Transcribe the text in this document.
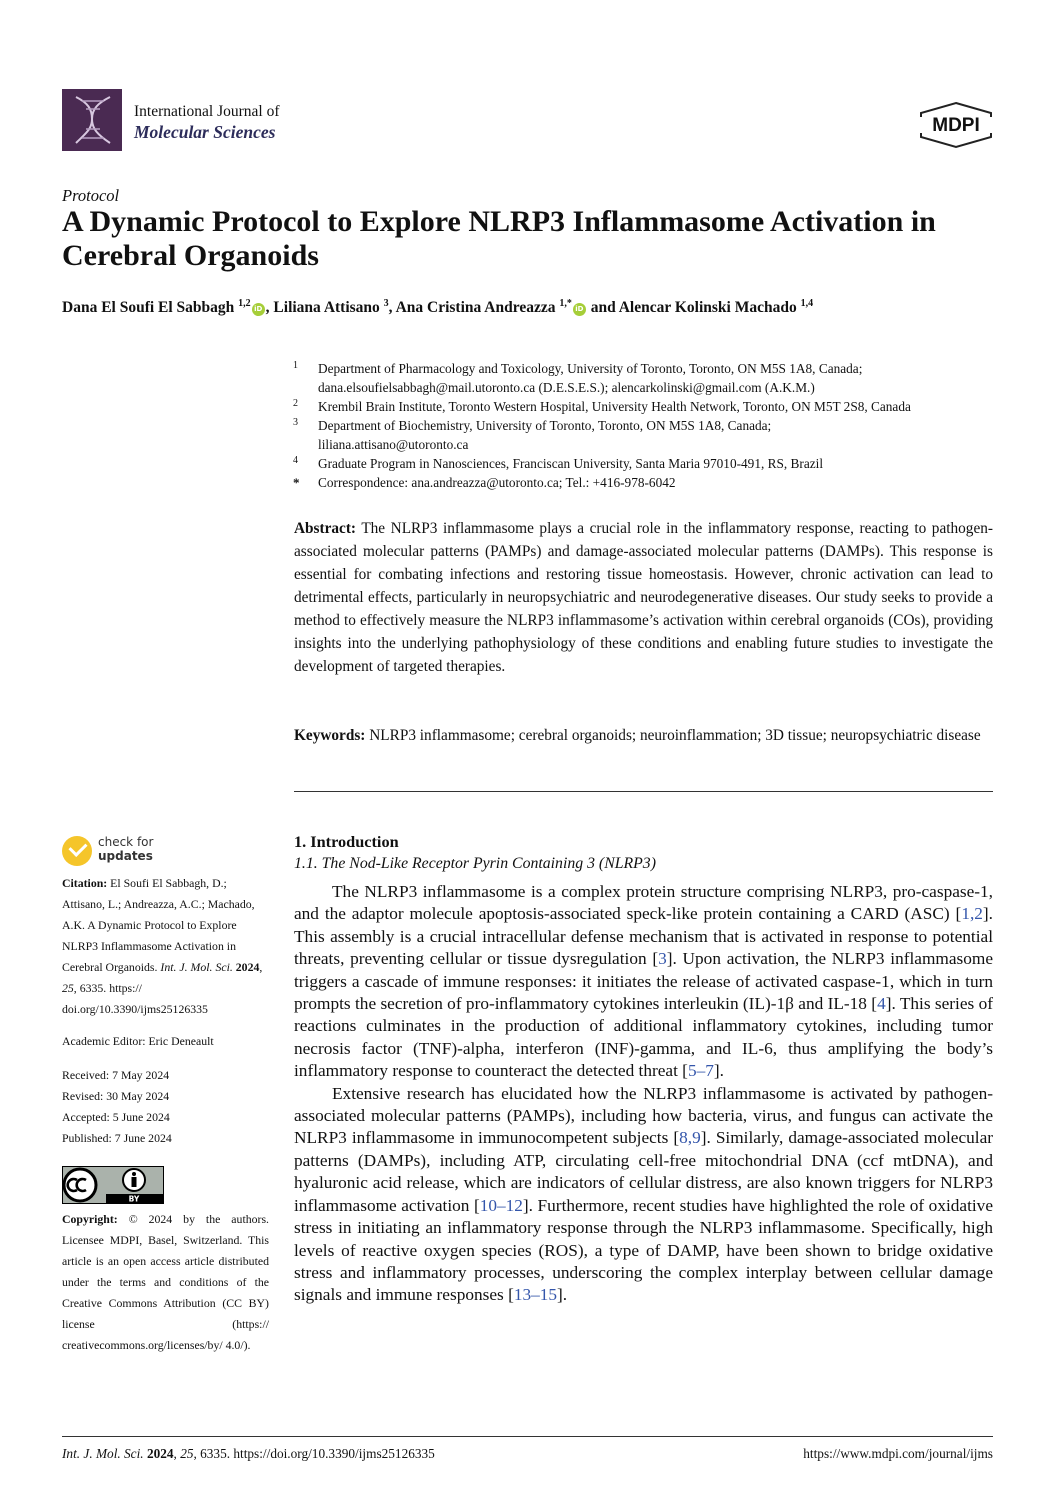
International Journal of
Molecular Sciences	MDPI
Protocol
A Dynamic Protocol to Explore NLRP3 Inflammasome Activation in Cerebral Organoids
Dana El Soufi El Sabbagh $^{1,2}$iD , Liliana Attisano $^3$, Ana Cristina Andreazza $^{1,*}$iD and Alencar Kolinski Machado $^{1,4}$
1 Department of Pharmacology and Toxicology, University of Toronto, Toronto, ON M5S 1A8, Canada;
dana.elsoufielsabbagh@mail.utoronto.ca (D.E.S.E.S.); alencarkolinski@gmail.com (A.K.M.)
2 Krembil Brain Institute, Toronto Western Hospital, University Health Network, Toronto, ON M5T 2S8, Canada
3 Department of Biochemistry, University of Toronto, Toronto, ON M5S 1A8, Canada;
liliana.attisano@utoronto.ca
4 Graduate Program in Nanosciences, Franciscan University, Santa Maria 97010-491, RS, Brazil
* Correspondence: ana.andreazza@utoronto.ca; Tel.: +416-978-6042
Abstract: The NLRP3 inflammasome plays a crucial role in the inflammatory response, reacting to pathogen-associated molecular patterns (PAMPs) and damage-associated molecular patterns (DAMPs). This response is essential for combating infections and restoring tissue homeostasis. However, chronic activation can lead to detrimental effects, particularly in neuropsychiatric and neurodegenerative diseases. Our study seeks to provide a method to effectively measure the NLRP3 inflammasome’s activation within cerebral organoids (COs), providing insights into the underlying pathophysiology of these conditions and enabling future studies to investigate the development of targeted therapies.
Keywords: NLRP3 inflammasome; cerebral organoids; neuroinflammation; 3D tissue; neuropsychiatric disease
check for
updates
Citation: El Soufi El Sabbagh, D.; Attisano, L.; Andreazza, A.C.; Machado, A.K. A Dynamic Protocol to Explore NLRP3 Inflammasome Activation in Cerebral Organoids. Int. J. Mol. Sci. 2024, 25, 6335. https:// doi.org/10.3390/ijms25126335
Academic Editor: Eric Deneault
Received: 7 May 2024
Revised: 30 May 2024
Accepted: 5 June 2024
Published: 7 June 2024
BY
Copyright: © 2024 by the authors. Licensee MDPI, Basel, Switzerland. This article is an open access article distributed under the terms and conditions of the Creative Commons Attribution (CC BY) license (https:// creativecommons.org/licenses/by/ 4.0/).
1. Introduction
1.1. The Nod-Like Receptor Pyrin Containing 3 (NLRP3)

The NLRP3 inflammasome is a complex protein structure comprising NLRP3, pro-caspase-1, and the adaptor molecule apoptosis-associated speck-like protein containing a CARD (ASC) [1,2]. This assembly is a crucial intracellular defense mechanism that is activated in response to potential threats, preventing cellular or tissue dysregulation [3]. Upon activation, the NLRP3 inflammasome triggers a cascade of immune responses: it initiates the release of activated caspase-1, which in turn prompts the secretion of pro-inflammatory cytokines interleukin (IL)-1β and IL-18 [4]. This series of reactions culminates in the production of additional inflammatory cytokines, including tumor necrosis factor (TNF)-alpha, interferon (INF)-gamma, and IL-6, thus amplifying the body’s inflammatory response to counteract the detected threat [5–7].

Extensive research has elucidated how the NLRP3 inflammasome is activated by pathogen-associated molecular patterns (PAMPs), including how bacteria, virus, and fungus can activate the NLRP3 inflammasome in immunocompetent subjects [8,9]. Similarly, damage-associated molecular patterns (DAMPs), including ATP, circulating cell-free mitochondrial DNA (ccf mtDNA), and hyaluronic acid release, which are indicators of cellular distress, are also known triggers for NLRP3 inflammasome activation [10–12]. Furthermore, recent studies have highlighted the role of oxidative stress in initiating an inflammatory response through the NLRP3 inflammasome. Specifically, high levels of reactive oxygen species (ROS), a type of DAMP, have been shown to bridge oxidative stress and inflammatory processes, underscoring the complex interplay between cellular damage signals and immune responses [13–15].

Int. J. Mol. Sci. 2024, 25, 6335. https://doi.org/10.3390/ijms25126335	https://www.mdpi.com/journal/ijms
